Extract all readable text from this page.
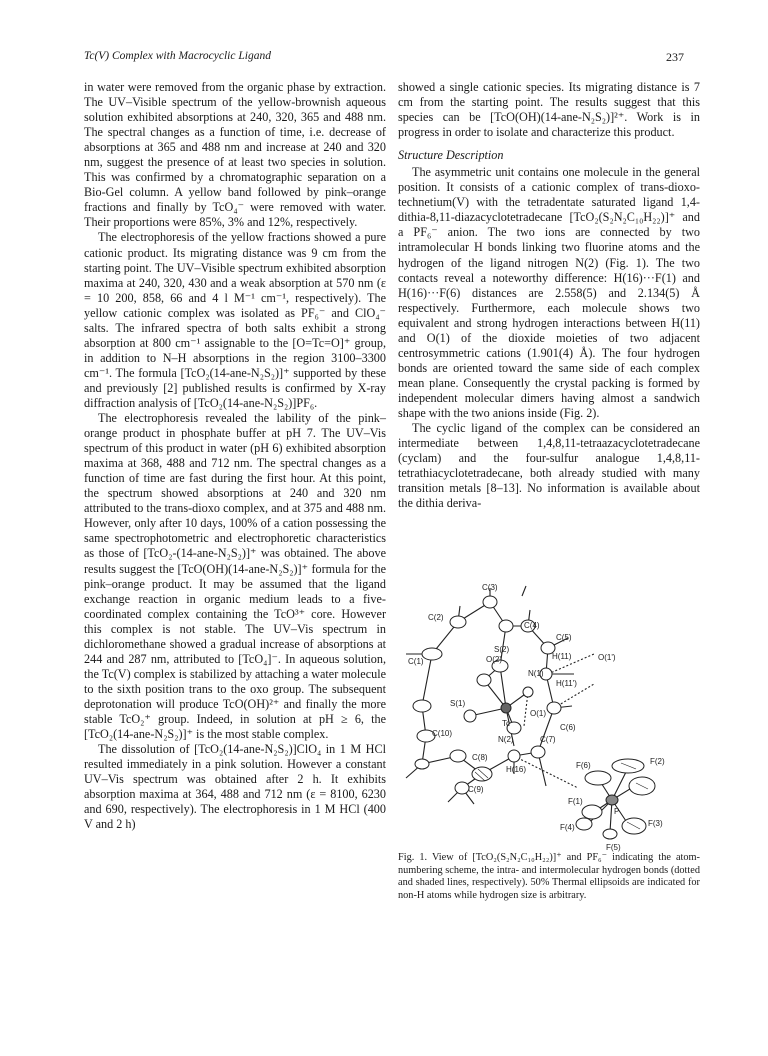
Tc(V) Complex with Macrocyclic Ligand	237

in water were removed from the organic phase by extraction. The UV–Visible spectrum of the yellow-brownish aqueous solution exhibited absorptions at 240, 320, 365 and 488 nm. The spectral changes as a function of time, i.e. decrease of absorptions at 365 and 488 nm and increase at 240 and 320 nm, suggest the presence of at least two species in solution. This was confirmed by a chromatographic separation on a Bio-Gel column. A yellow band followed by pink–orange fractions and finally by TcO₄⁻ were removed with water. Their proportions were 85%, 3% and 12%, respectively.

The electrophoresis of the yellow fractions showed a pure cationic product. Its migrating distance was 9 cm from the starting point. The UV–Visible spectrum exhibited absorption maxima at 240, 320, 430 and a weak absorption at 570 nm (ε = 10 200, 858, 66 and 4 l M⁻¹ cm⁻¹, respectively). The yellow cationic complex was isolated as PF₆⁻ and ClO₄⁻ salts. The infrared spectra of both salts exhibit a strong absorption at 800 cm⁻¹ assignable to the [O=Tc=O]⁺ group, in addition to N–H absorptions in the region 3100–3300 cm⁻¹. The formula [TcO₂(14-ane-N₂S₂)]⁺ supported by these and previously [2] published results is confirmed by X-ray diffraction analysis of [TcO₂(14-ane-N₂S₂)]PF₆.

The electrophoresis revealed the lability of the pink–orange product in phosphate buffer at pH 7. The UV–Vis spectrum of this product in water (pH 6) exhibited absorption maxima at 368, 488 and 712 nm. The spectral changes as a function of time are fast during the first hour. At this point, the spectrum showed absorptions at 240 and 320 nm attributed to the trans-dioxo complex, and at 375 and 488 nm. However, only after 10 days, 100% of a cation possessing the same spectrophotometric and electrophoretic characteristics as those of [TcO₂-(14-ane-N₂S₂)]⁺ was obtained. The above results suggest the [TcO(OH)(14-ane-N₂S₂)]⁺ formula for the pink–orange product. It may be assumed that the ligand exchange reaction in organic medium leads to a five-coordinated complex containing the TcO³⁺ core. However this complex is not stable. The UV–Vis spectrum in dichloromethane showed a gradual increase of absorptions at 244 and 287 nm, attributed to [TcO₄]⁻. In aqueous solution, the Tc(V) complex is stabilized by attaching a water molecule to the sixth position trans to the oxo group. The subsequent deprotonation will produce TcO(OH)²⁺ and finally the more stable TcO₂⁺ group. Indeed, in solution at pH ≥ 6, the [TcO₂(14-ane-N₂S₂)]⁺ is the most stable complex.

The dissolution of [TcO₂(14-ane-N₂S₂)]ClO₄ in 1 M HCl resulted immediately in a pink solution. However a constant UV–Vis spectrum was obtained after 2 h. It exhibits absorption maxima at 364, 488 and 712 nm (ε = 8100, 6230 and 690, respectively). The electrophoresis in 1 M HCl (400 V and 2 h)

showed a single cationic species. Its migrating distance is 7 cm from the starting point. The results suggest that this species can be [TcO(OH)(14-ane-N₂S₂)]²⁺. Work is in progress in order to isolate and characterize this product.

Structure Description

The asymmetric unit contains one molecule in the general position. It consists of a cationic complex of trans-dioxo-technetium(V) with the tetradentate saturated ligand 1,4-dithia-8,11-diazacyclotetradecane [TcO₂(S₂N₂C₁₀H₂₂)]⁺ and a PF₆⁻ anion. The two ions are connected by two intramolecular H bonds linking two fluorine atoms and the hydrogen of the ligand nitrogen N(2) (Fig. 1). The two contacts reveal a noteworthy difference: H(16)···F(1) and H(16)···F(6) distances are 2.558(5) and 2.134(5) Å respectively. Furthermore, each molecule shows two equivalent and strong hydrogen interactions between H(11) and O(1) of the dioxide moieties of two adjacent centrosymmetric cations (1.901(4) Å). The four hydrogen bonds are oriented toward the same side of each complex mean plane. Consequently the crystal packing is formed by independent molecular dimers having almost a sandwich shape with the two anions inside (Fig. 2).

The cyclic ligand of the complex can be considered an intermediate between 1,4,8,11-tetraazacyclotetradecane (cyclam) and the four-sulfur analogue 1,4,8,11-tetrathiacyclotetradecane, both already studied with many transition metals [8–13]. No information is available about the dithia deriva-

C(3)
C(2)
C(4)
S(2)
C(5)
H(11)	O(1')
C(1)	O(2)
N(1)
H(11')
S(1)
Tc
O(1)
C(10)
N(2)
C(6)
C(8)
C(7)
H(16)
C(9)
F(6)	F(2)
F(1)
P
F(3)
F(4)
F(5)
Fig. 1. View of [TcO₂(S₂N₂C₁₀H₂₂)]⁺ and PF₆⁻ indicating the atom-numbering scheme, the intra- and intermolecular hydrogen bonds (dotted and shaded lines, respectively). 50% Thermal ellipsoids are indicated for non-H atoms while hydrogen size is arbitrary.
